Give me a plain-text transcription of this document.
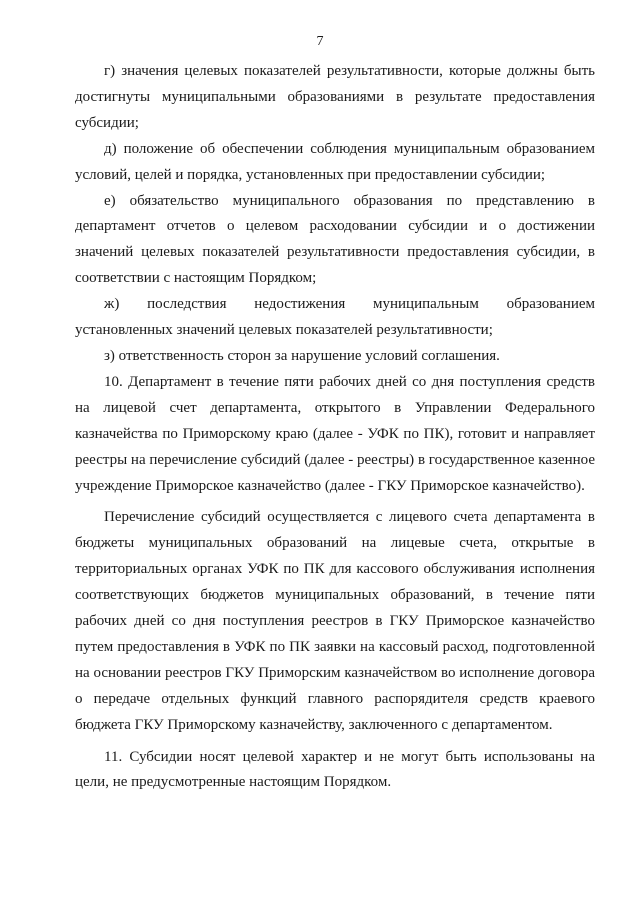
7

г) значения целевых показателей результативности, которые должны быть достигнуты муниципальными образованиями в результате предоставления субсидии;

д) положение об обеспечении соблюдения муниципальным образованием условий, целей и порядка, установленных при предоставлении субсидии;

е) обязательство муниципального образования по представлению в департамент отчетов о целевом расходовании субсидии и о достижении значений целевых показателей результативности предоставления субсидии, в соответствии с настоящим Порядком;

ж) последствия недостижения муниципальным образованием установленных значений целевых показателей результативности;

з) ответственность сторон за нарушение условий соглашения.

10. Департамент в течение пяти рабочих дней со дня поступления средств на лицевой счет департамента, открытого в Управлении Федерального казначейства по Приморскому краю (далее - УФК по ПК), готовит и направляет реестры на перечисление субсидий (далее - реестры) в государственное казенное учреждение Приморское казначейство (далее - ГКУ Приморское казначейство).

Перечисление субсидий осуществляется с лицевого счета департамента в бюджеты муниципальных образований на лицевые счета, открытые в территориальных органах УФК по ПК для кассового обслуживания исполнения соответствующих бюджетов муниципальных образований, в течение пяти рабочих дней со дня поступления реестров в ГКУ Приморское казначейство путем предоставления в УФК по ПК заявки на кассовый расход, подготовленной на основании реестров ГКУ Приморским казначейством во исполнение договора о передаче отдельных функций главного распорядителя средств краевого бюджета ГКУ Приморскому казначейству, заключенного с департаментом.

11. Субсидии носят целевой характер и не могут быть использованы на цели, не предусмотренные настоящим Порядком.
